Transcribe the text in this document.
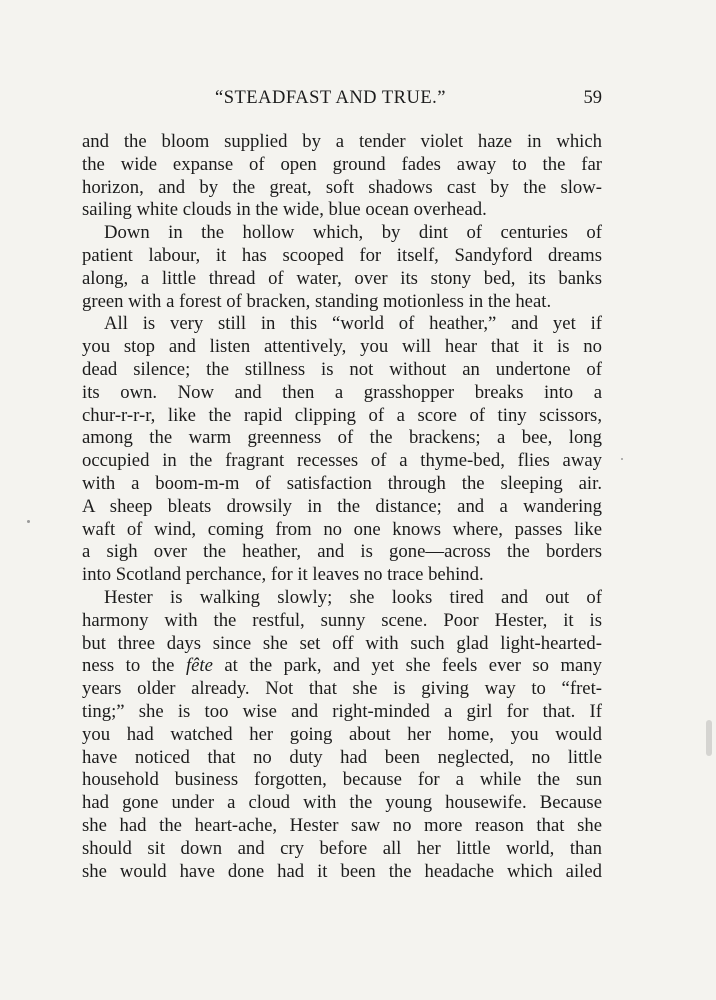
“STEADFAST AND TRUE.”	59
and the bloom supplied by a tender violet haze in which
the wide expanse of open ground fades away to the far
horizon, and by the great, soft shadows cast by the slow-
sailing white clouds in the wide, blue ocean overhead.
Down in the hollow which, by dint of centuries of
patient labour, it has scooped for itself, Sandyford dreams
along, a little thread of water, over its stony bed, its banks
green with a forest of bracken, standing motionless in the heat.
All is very still in this “world of heather,” and yet if
you stop and listen attentively, you will hear that it is no
dead silence; the stillness is not without an undertone of
its own. Now and then a grasshopper breaks into a
chur-r-r-r, like the rapid clipping of a score of tiny scissors,
among the warm greenness of the brackens; a bee, long
occupied in the fragrant recesses of a thyme-bed, flies away
with a boom-m-m of satisfaction through the sleeping air.
A sheep bleats drowsily in the distance; and a wandering
waft of wind, coming from no one knows where, passes like
a sigh over the heather, and is gone—across the borders
into Scotland perchance, for it leaves no trace behind.
Hester is walking slowly; she looks tired and out of
harmony with the restful, sunny scene. Poor Hester, it is
but three days since she set off with such glad light-hearted-
ness to the fête at the park, and yet she feels ever so many
years older already. Not that she is giving way to “fret-
ting;” she is too wise and right-minded a girl for that. If
you had watched her going about her home, you would
have noticed that no duty had been neglected, no little
household business forgotten, because for a while the sun
had gone under a cloud with the young housewife. Because
she had the heart-ache, Hester saw no more reason that she
should sit down and cry before all her little world, than
she would have done had it been the headache which ailed
